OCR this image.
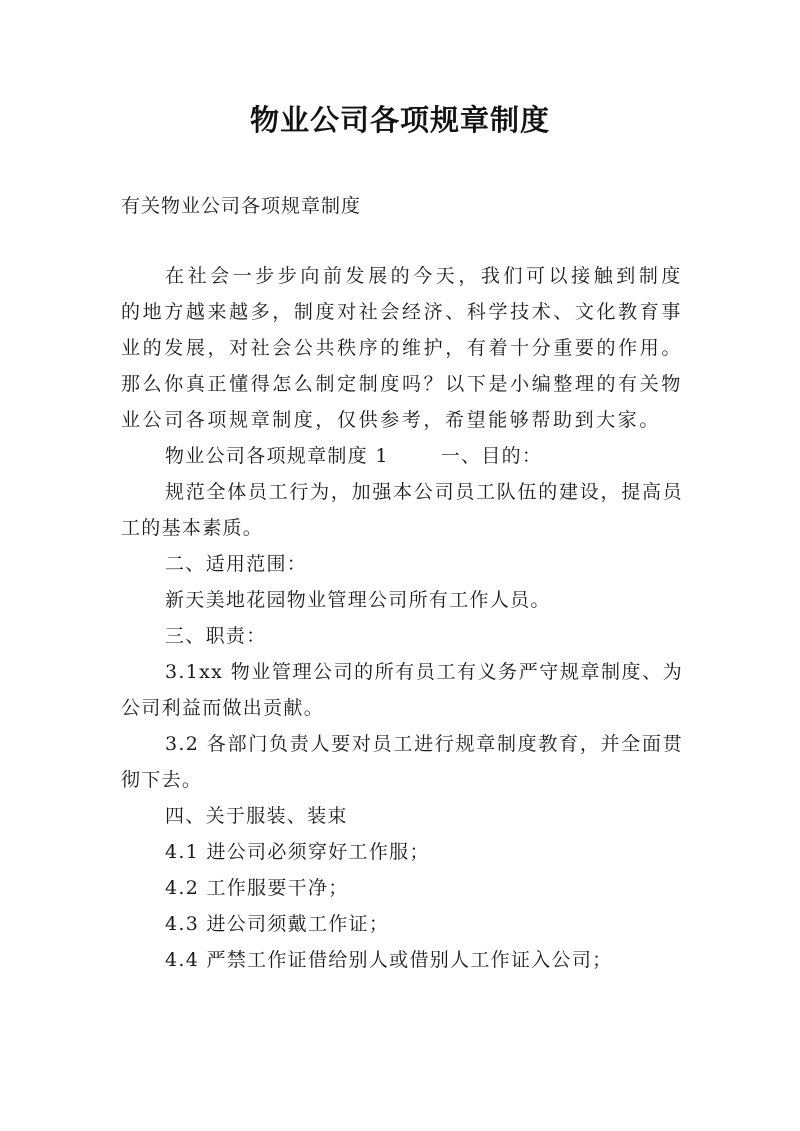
物业公司各项规章制度
有关物业公司各项规章制度

在社会一步步向前发展的今天，我们可以接触到制度的地方越来越多，制度对社会经济、科学技术、文化教育事业的发展，对社会公共秩序的维护，有着十分重要的作用。那么你真正懂得怎么制定制度吗？以下是小编整理的有关物业公司各项规章制度，仅供参考，希望能够帮助到大家。

物业公司各项规章制度 1	一、目的：

规范全体员工行为，加强本公司员工队伍的建设，提高员工的基本素质。

二、适用范围：

新天美地花园物业管理公司所有工作人员。

三、职责：

3.1xx 物业管理公司的所有员工有义务严守规章制度、为公司利益而做出贡献。

3.2 各部门负责人要对员工进行规章制度教育，并全面贯彻下去。

四、关于服装、装束

4.1 进公司必须穿好工作服；

4.2 工作服要干净；

4.3 进公司须戴工作证；

4.4 严禁工作证借给别人或借别人工作证入公司；
